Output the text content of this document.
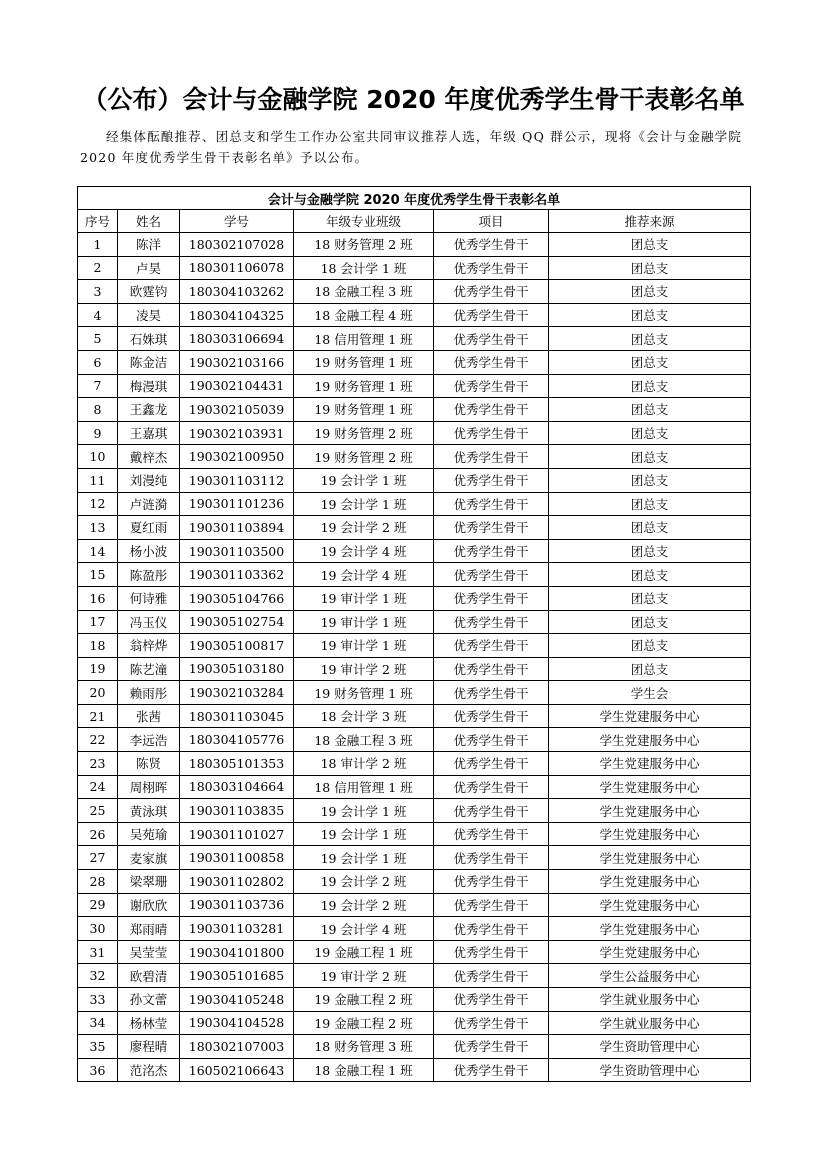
（公布）会计与金融学院 2020 年度优秀学生骨干表彰名单
经集体酝酿推荐、团总支和学生工作办公室共同审议推荐人选，年级 QQ 群公示，现将《会计与金融学院 2020 年度优秀学生骨干表彰名单》予以公布。
会计与金融学院 2020 年度优秀学生骨干表彰名单					
序号	姓名	学号	年级专业班级	项目	推荐来源
1	陈洋	180302107028	18 财务管理 2 班	优秀学生骨干	团总支
2	卢昊	180301106078	18 会计学 1 班	优秀学生骨干	团总支
3	欧霆钧	180304103262	18 金融工程 3 班	优秀学生骨干	团总支
4	凌昊	180304104325	18 金融工程 4 班	优秀学生骨干	团总支
5	石姝琪	180303106694	18 信用管理 1 班	优秀学生骨干	团总支
6	陈金洁	190302103166	19 财务管理 1 班	优秀学生骨干	团总支
7	梅漫琪	190302104431	19 财务管理 1 班	优秀学生骨干	团总支
8	王鑫龙	190302105039	19 财务管理 1 班	优秀学生骨干	团总支
9	王嘉琪	190302103931	19 财务管理 2 班	优秀学生骨干	团总支
10	戴梓杰	190302100950	19 财务管理 2 班	优秀学生骨干	团总支
11	刘漫纯	190301103112	19 会计学 1 班	优秀学生骨干	团总支
12	卢涟漪	190301101236	19 会计学 1 班	优秀学生骨干	团总支
13	夏红雨	190301103894	19 会计学 2 班	优秀学生骨干	团总支
14	杨小波	190301103500	19 会计学 4 班	优秀学生骨干	团总支
15	陈盈彤	190301103362	19 会计学 4 班	优秀学生骨干	团总支
16	何诗雅	190305104766	19 审计学 1 班	优秀学生骨干	团总支
17	冯玉仪	190305102754	19 审计学 1 班	优秀学生骨干	团总支
18	翁梓烨	190305100817	19 审计学 1 班	优秀学生骨干	团总支
19	陈艺潼	190305103180	19 审计学 2 班	优秀学生骨干	团总支
20	赖雨彤	190302103284	19 财务管理 1 班	优秀学生骨干	学生会
21	张茜	180301103045	18 会计学 3 班	优秀学生骨干	学生党建服务中心
22	李远浩	180304105776	18 金融工程 3 班	优秀学生骨干	学生党建服务中心
23	陈贤	180305101353	18 审计学 2 班	优秀学生骨干	学生党建服务中心
24	周栩晖	180303104664	18 信用管理 1 班	优秀学生骨干	学生党建服务中心
25	黄泳琪	190301103835	19 会计学 1 班	优秀学生骨干	学生党建服务中心
26	吴苑瑜	190301101027	19 会计学 1 班	优秀学生骨干	学生党建服务中心
27	麦家旗	190301100858	19 会计学 1 班	优秀学生骨干	学生党建服务中心
28	梁翠珊	190301102802	19 会计学 2 班	优秀学生骨干	学生党建服务中心
29	谢欣欣	190301103736	19 会计学 2 班	优秀学生骨干	学生党建服务中心
30	郑雨晴	190301103281	19 会计学 4 班	优秀学生骨干	学生党建服务中心
31	吴莹莹	190304101800	19 金融工程 1 班	优秀学生骨干	学生党建服务中心
32	欧碧清	190305101685	19 审计学 2 班	优秀学生骨干	学生公益服务中心
33	孙文蕾	190304105248	19 金融工程 2 班	优秀学生骨干	学生就业服务中心
34	杨林莹	190304104528	19 金融工程 2 班	优秀学生骨干	学生就业服务中心
35	廖程晴	180302107003	18 财务管理 3 班	优秀学生骨干	学生资助管理中心
36	范洺杰	160502106643	18 金融工程 1 班	优秀学生骨干	学生资助管理中心
